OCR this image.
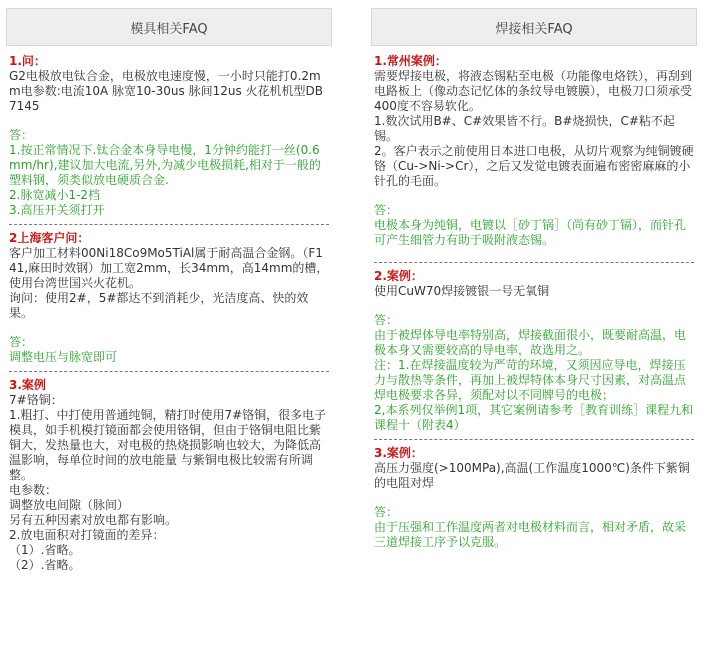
模具相关FAQ
1.问：

G2电极放电钛合金，电极放电速度慢，一小时只能打0.2mm电参数:电流10A 脉宽10-30us 脉间12us 火花机机型DB7145

答：

1.按正常情况下.钛合金本身导电慢，1分钟约能打一丝(0.6mm/hr),建议加大电流,另外,为减少电极损耗,相对于一般的塑料钢，须类似放电硬质合金.

2.脉宽减小1-2档

3.高压开关须打开

2上海客户问：

客户加工材料00Ni18Co9Mo5TiAl属于耐高温合金钢。（F141,麻田时效钢）加工宽2mm，长34mm，高14mm的槽，使用台湾世国兴火花机。

询问：使用2#，5#都达不到消耗少，光洁度高、快的效果。

答：

调整电压与脉宽即可

3.案例

7#铬铜：

1.粗打、中打使用普通纯铜，精打时使用7#铬铜，很多电子模具，如手机模打镜面都会使用铬铜，但由于铬铜电阻比紫铜大，发热量也大，对电极的热烧损影响也较大，为降低高温影响，每单位时间的放电能量 与紫铜电极比较需有所调整。

电参数：

调整放电间隙（脉间）

另有五种因素对放电都有影响。

2.放电面积对打镜面的差异：

（1）.省略。

（2）.省略。

焊接相关FAQ
1.常州案例：

需要焊接电极，将液态锡粘至电极（功能像电烙铁），再刮到电路板上（像动态记忆体的条纹导电镀膜），电极刀口须承受400度不容易软化。

1.数次试用B#、C#效果皆不行。B#烧损快，C#粘不起锡。

2。客户表示之前使用日本进口电极，从切片观察为纯铜镀硬铬（Cu->Ni->Cr），之后又发觉电镀表面遍布密密麻麻的小针孔的毛面。

答：

电极本身为纯铜，电镀以［砂丁锅］（尚有砂丁镉），而针孔可产生细管力有助于吸附液态锡。

2.案例：

使用CuW70焊接镀银一号无氧铜

答：

由于被焊体导电率特别高，焊接截面很小，既要耐高温，电极本身又需要较高的导电率，故选用之。

注：1.在焊接温度较为严苛的环境，又须因应导电，焊接压力与散热等条件，再加上被焊特体本身尺寸因素，对高温点焊电极要求各异，须配对以不同牌号的电极；

2,本系列仅举例1项，其它案例请参考［教育训练］课程九和课程十（附表4）

3.案例：

高压力强度(>100MPa),高温(工作温度1000℃)条件下紫铜的电阻对焊

答：

由于压强和工作温度两者对电极材料而言，相对矛盾，故采三道焊接工序予以克服。
